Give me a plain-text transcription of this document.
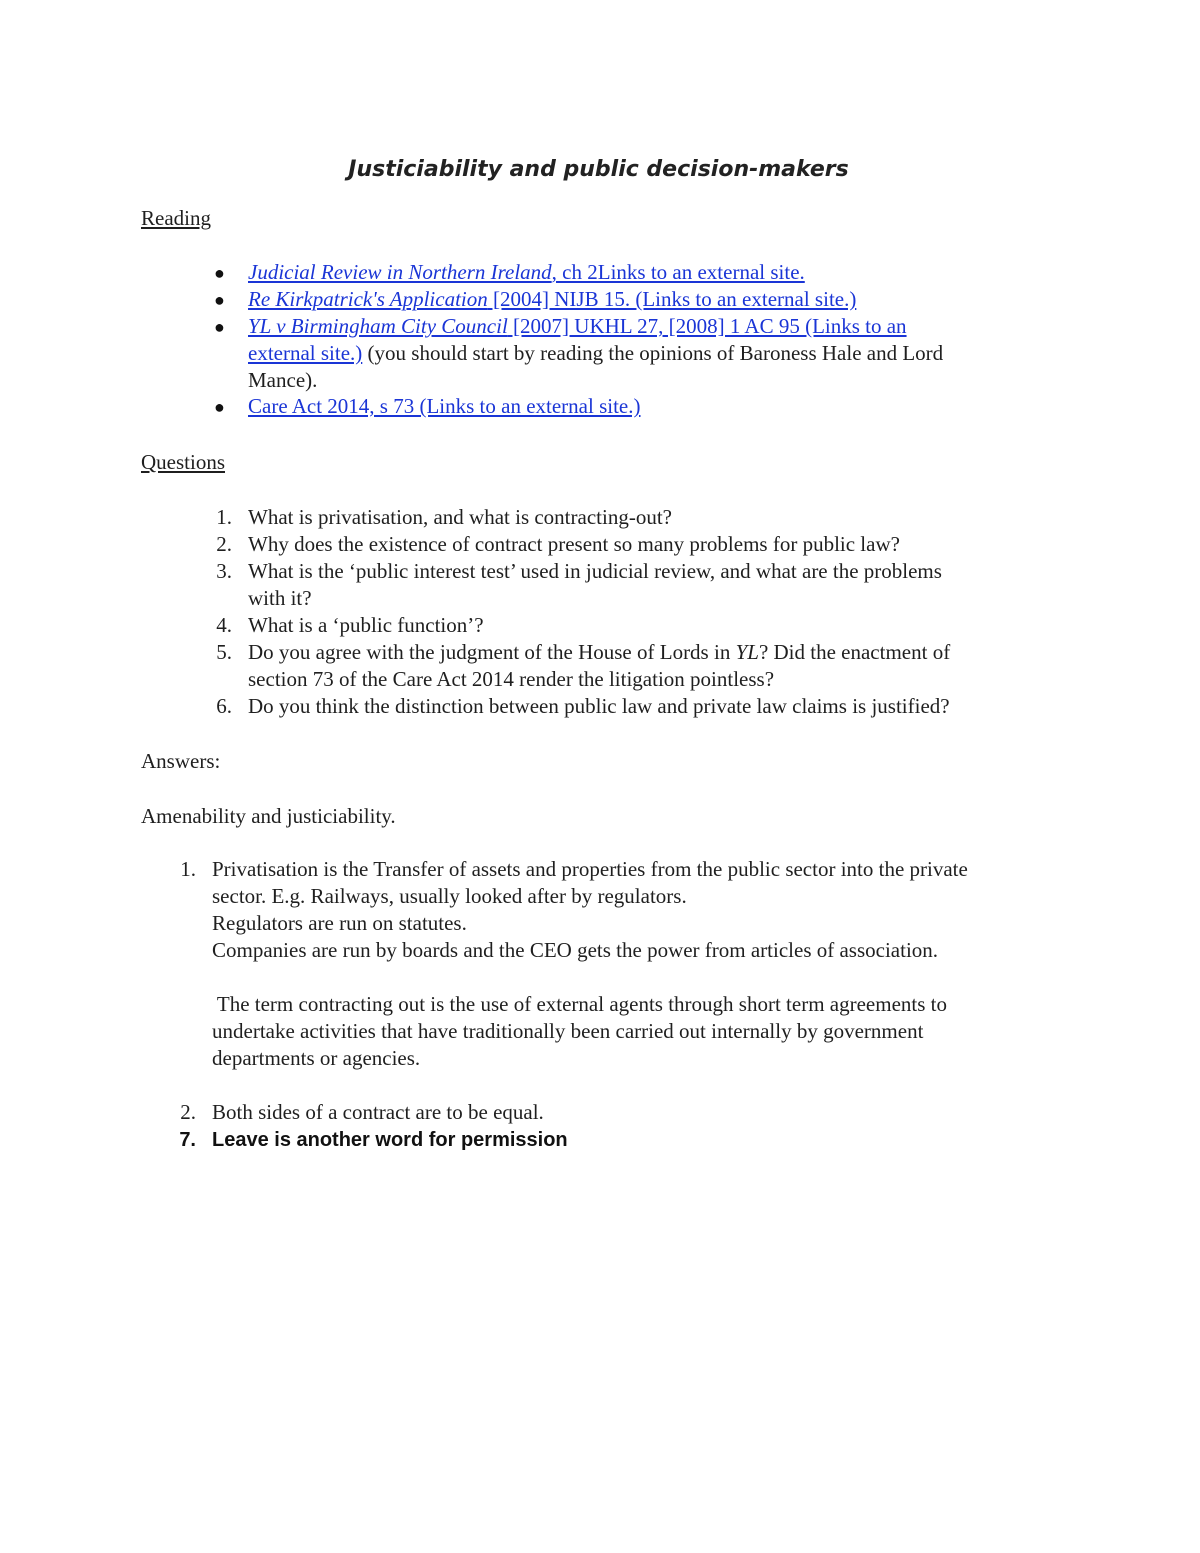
Justiciability and public decision-makers
Reading
● Judicial Review in Northern Ireland, ch 2Links to an external site.
● Re Kirkpatrick's Application [2004] NIJB 15. (Links to an external site.)
● YL v Birmingham City Council [2007] UKHL 27, [2008] 1 AC 95 (Links to an
external site.) (you should start by reading the opinions of Baroness Hale and Lord
Mance).
● Care Act 2014, s 73 (Links to an external site.)
Questions
1. What is privatisation, and what is contracting-out?
2. Why does the existence of contract present so many problems for public law?
3. What is the ‘public interest test’ used in judicial review, and what are the problems
with it?
4. What is a ‘public function’?
5. Do you agree with the judgment of the House of Lords in YL? Did the enactment of
section 73 of the Care Act 2014 render the litigation pointless?
6. Do you think the distinction between public law and private law claims is justified?
Answers:
Amenability and justiciability.
1. Privatisation is the Transfer of assets and properties from the public sector into the private
sector. E.g. Railways, usually looked after by regulators.
Regulators are run on statutes.
Companies are run by boards and the CEO gets the power from articles of association.
The term contracting out is the use of external agents through short term agreements to
undertake activities that have traditionally been carried out internally by government
departments or agencies.
2. Both sides of a contract are to be equal.
7. Leave is another word for permission
